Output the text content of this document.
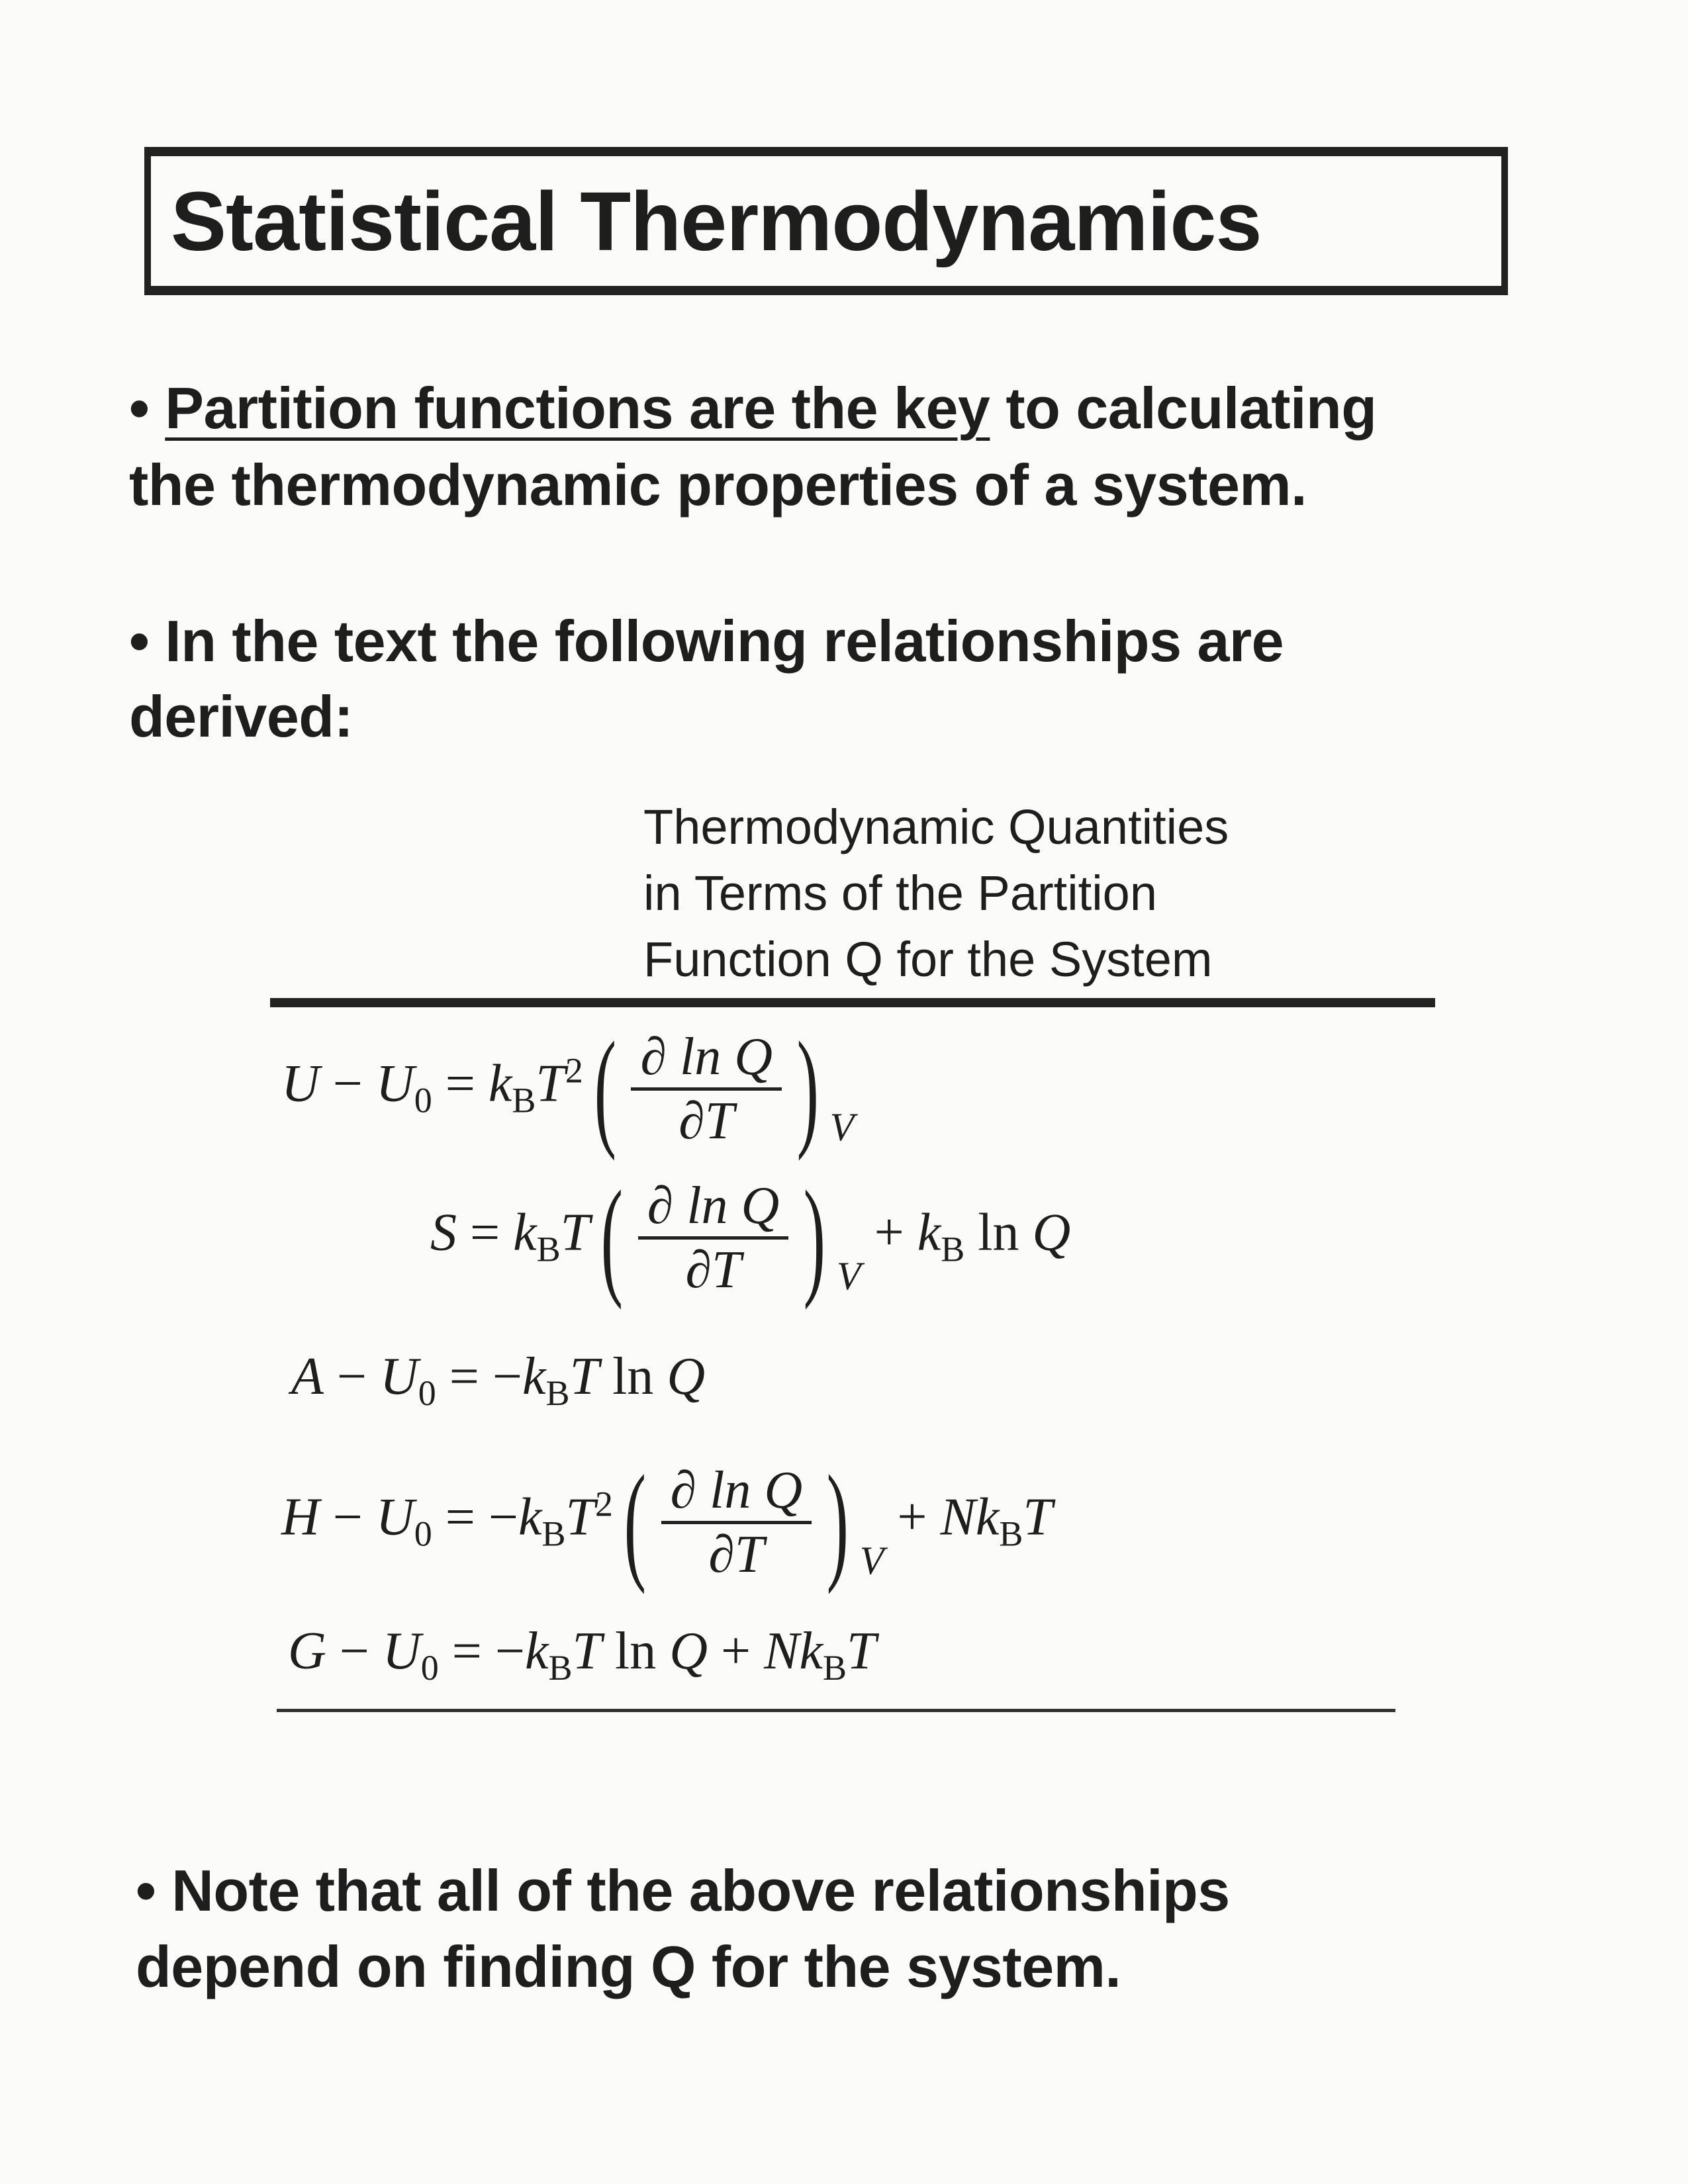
Statistical Thermodynamics
• Partition functions are the key to calculating
the thermodynamic properties of a system.
• In the text the following relationships are
derived:
Thermodynamic Quantities
in Terms of the Partition
Function Q for the System
$U - U_0 = k_BT^2( \frac{\text{∂ ln Q}}{\partial T}$ ) $_V$
$S = k_BT( \frac{\text{∂ ln Q}}{\partial T}$ ) $_V + k_B$ ln Q
$A - U_0 = -k_BT$ ln Q
$H - U_0 = -k_BT^2( \frac{\text{∂ ln Q}}{\partial T}$ ) $_V + Nk_BT$
$G - U_0 = -k_BT$ $\ln Q + Nk_BT$
• Note that all of the above relationships
depend on finding Q for the system.
